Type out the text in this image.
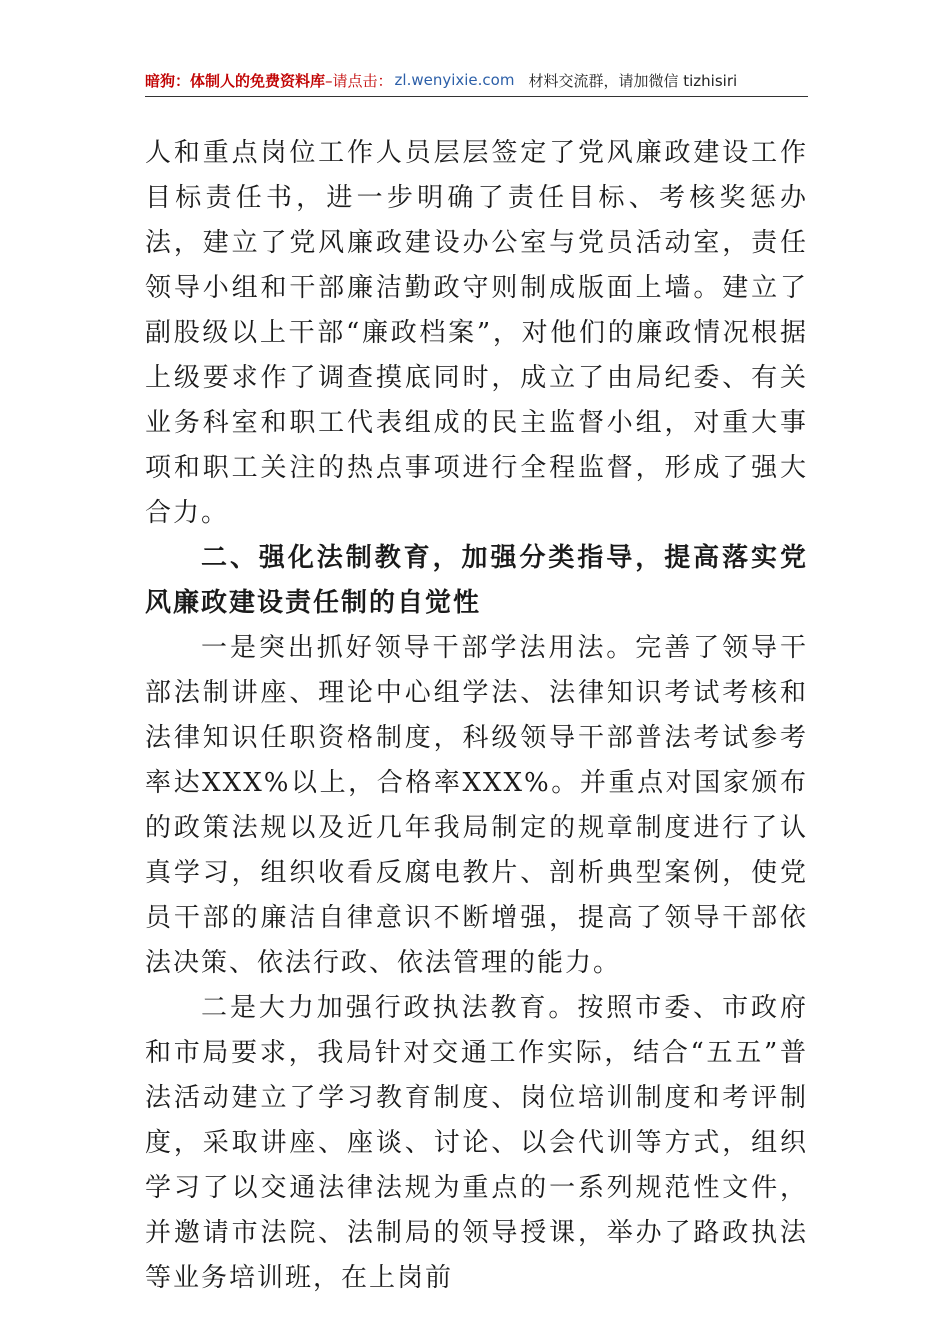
暗狗：体制人的免费资料库 –请点击： zl.wenyixie.com 材料交流群，请加微信 tizhisiri

人和重点岗位工作人员层层签定了党风廉政建设工作目标责任书，进一步明确了责任目标、考核奖惩办法，建立了党风廉政建设办公室与党员活动室，责任领导小组和干部廉洁勤政守则制成版面上墙。建立了副股级以上干部“廉政档案”，对他们的廉政情况根据上级要求作了调查摸底同时，成立了由局纪委、有关业务科室和职工代表组成的民主监督小组，对重大事项和职工关注的热点事项进行全程监督，形成了强大合力。

二、强化法制教育，加强分类指导，提高落实党风廉政建设责任制的自觉性

一是突出抓好领导干部学法用法。完善了领导干部法制讲座、理论中心组学法、法律知识考试考核和法律知识任职资格制度，科级领导干部普法考试参考率达XXX%以上，合格率XXX%。并重点对国家颁布的政策法规以及近几年我局制定的规章制度进行了认真学习，组织收看反腐电教片、剖析典型案例，使党员干部的廉洁自律意识不断增强，提高了领导干部依法决策、依法行政、依法管理的能力。

二是大力加强行政执法教育。按照市委、市政府和市局要求，我局针对交通工作实际，结合“五五”普法活动建立了学习教育制度、岗位培训制度和考评制度，采取讲座、座谈、讨论、以会代训等方式，组织学习了以交通法律法规为重点的一系列规范性文件，并邀请市法院、法制局的领导授课，举办了路政执法等业务培训班，在上岗前
